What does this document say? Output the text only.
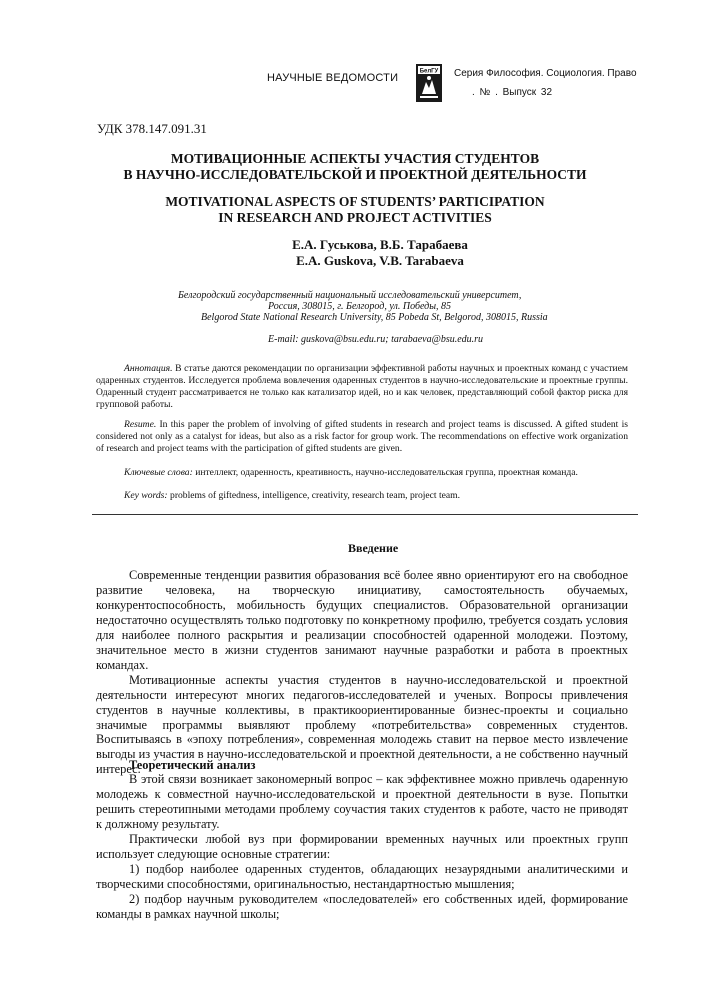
НАУЧНЫЕ ВЕДОМОСТИ
БелГУ Серия Философия. Социология. Право
. № . Выпуск 32
УДК 378.147.091.31
МОТИВАЦИОННЫЕ АСПЕКТЫ УЧАСТИЯ СТУДЕНТОВ
В НАУЧНО-ИССЛЕДОВАТЕЛЬСКОЙ И ПРОЕКТНОЙ ДЕЯТЕЛЬНОСТИ
MOTIVATIONAL ASPECTS OF STUDENTS’ PARTICIPATION
IN RESEARCH AND PROJECT ACTIVITIES
Е.А. Гуськова, В.Б. Тарабаева
E.A. Guskova, V.B. Tarabaeva
Белгородский государственный национальный исследовательский университет,
Россия, 308015, г. Белгород, ул. Победы, 85
Belgorod State National Research University, 85 Pobeda St, Belgorod, 308015, Russia
E-mail: guskova@bsu.edu.ru; tarabaeva@bsu.edu.ru
Аннотация. В статье даются рекомендации по организации эффективной работы научных и проектных команд с участием одаренных студентов. Исследуется проблема вовлечения одаренных студентов в научно-исследовательские и проектные группы. Одаренный студент рассматривается не только как катализатор идей, но и как человек, представляющий собой фактор риска для групповой работы.
Resume. In this paper the problem of involving of gifted students in research and project teams is discussed. A gifted student is considered not only as a catalyst for ideas, but also as a risk factor for group work. The recommendations on effective work organization of research and project teams with the participation of gifted students are given.
Ключевые слова: интеллект, одаренность, креативность, научно-исследовательская группа, проектная команда.
Key words: problems of giftedness, intelligence, creativity, research team, project team.
Введение

Современные тенденции развития образования всё более явно ориентируют его на свободное развитие человека, на творческую инициативу, самостоятельность обучаемых, конкурентоспособность, мобильность будущих специалистов. Образовательной организации недостаточно осуществлять только подготовку по конкретному профилю, требуется создать условия для наиболее полного раскрытия и реализации способностей одаренной молодежи. Поэтому, значительное место в жизни студентов занимают научные разработки и работа в проектных командах.

Мотивационные аспекты участия студентов в научно-исследовательской и проектной деятельности интересуют многих педагогов-исследователей и ученых. Вопросы привлечения студентов в научные коллективы, в практикоориентированные бизнес-проекты и социально значимые программы выявляют проблему «потребительства» современных студентов. Воспитываясь в «эпоху потребления», современная молодежь ставит на первое место извлечение выгоды из участия в научно-исследовательской и проектной деятельности, а не собственно научный интерес.

Теоретический анализ

В этой связи возникает закономерный вопрос – как эффективнее можно привлечь одаренную молодежь к совместной научно-исследовательской и проектной деятельности в вузе. Попытки решить стереотипными методами проблему соучастия таких студентов к работе, часто не приводят к должному результату.

Практически любой вуз при формировании временных научных или проектных групп использует следующие основные стратегии:

1) подбор наиболее одаренных студентов, обладающих незаурядными аналитическими и творческими способностями, оригинальностью, нестандартностью мышления;

2) подбор научным руководителем «последователей» его собственных идей, формирование команды в рамках научной школы;
